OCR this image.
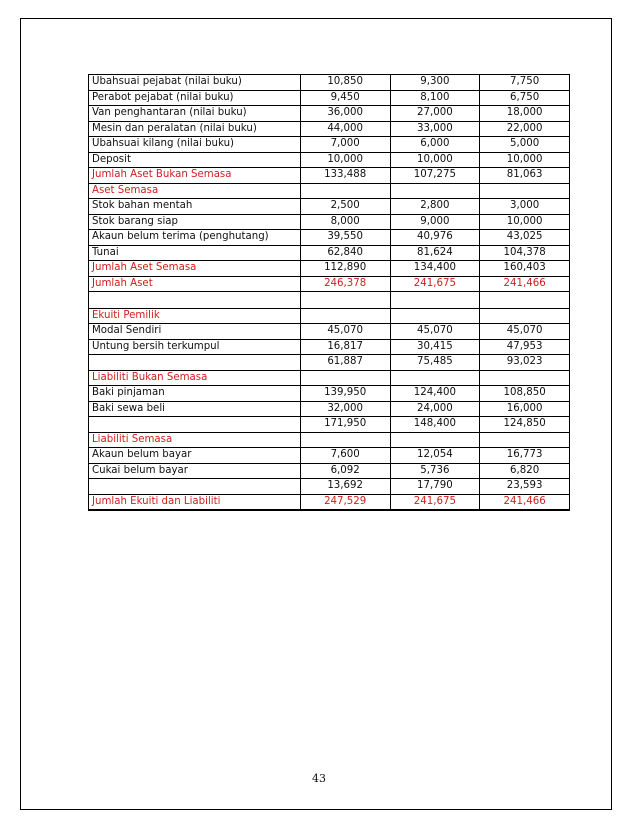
Ubahsuai pejabat (nilai buku)	10,850	9,300	7,750
Perabot pejabat (nilai buku)	9,450	8,100	6,750
Van penghantaran (nilai buku)	36,000	27,000	18,000
Mesin dan peralatan (nilai buku)	44,000	33,000	22,000
Ubahsuai kilang (nilai buku)	7,000	6,000	5,000
Deposit	10,000	10,000	10,000
Jumlah Aset Bukan Semasa	133,488	107,275	81,063
Aset Semasa			
Stok bahan mentah	2,500	2,800	3,000
Stok barang siap	8,000	9,000	10,000
Akaun belum terima (penghutang)	39,550	40,976	43,025
Tunai	62,840	81,624	104,378
Jumlah Aset Semasa	112,890	134,400	160,403
Jumlah Aset	246,378	241,675	241,466

Ekuiti Pemilik			
Modal Sendiri	45,070	45,070	45,070
Untung bersih terkumpul	16,817	30,415	47,953
	61,887	75,485	93,023
Liabiliti Bukan Semasa			
Baki pinjaman	139,950	124,400	108,850
Baki sewa beli	32,000	24,000	16,000
	171,950	148,400	124,850
Liabiliti Semasa			
Akaun belum bayar	7,600	12,054	16,773
Cukai belum bayar	6,092	5,736	6,820
	13,692	17,790	23,593
Jumlah Ekuiti dan Liabiliti	247,529	241,675	241,466
43
